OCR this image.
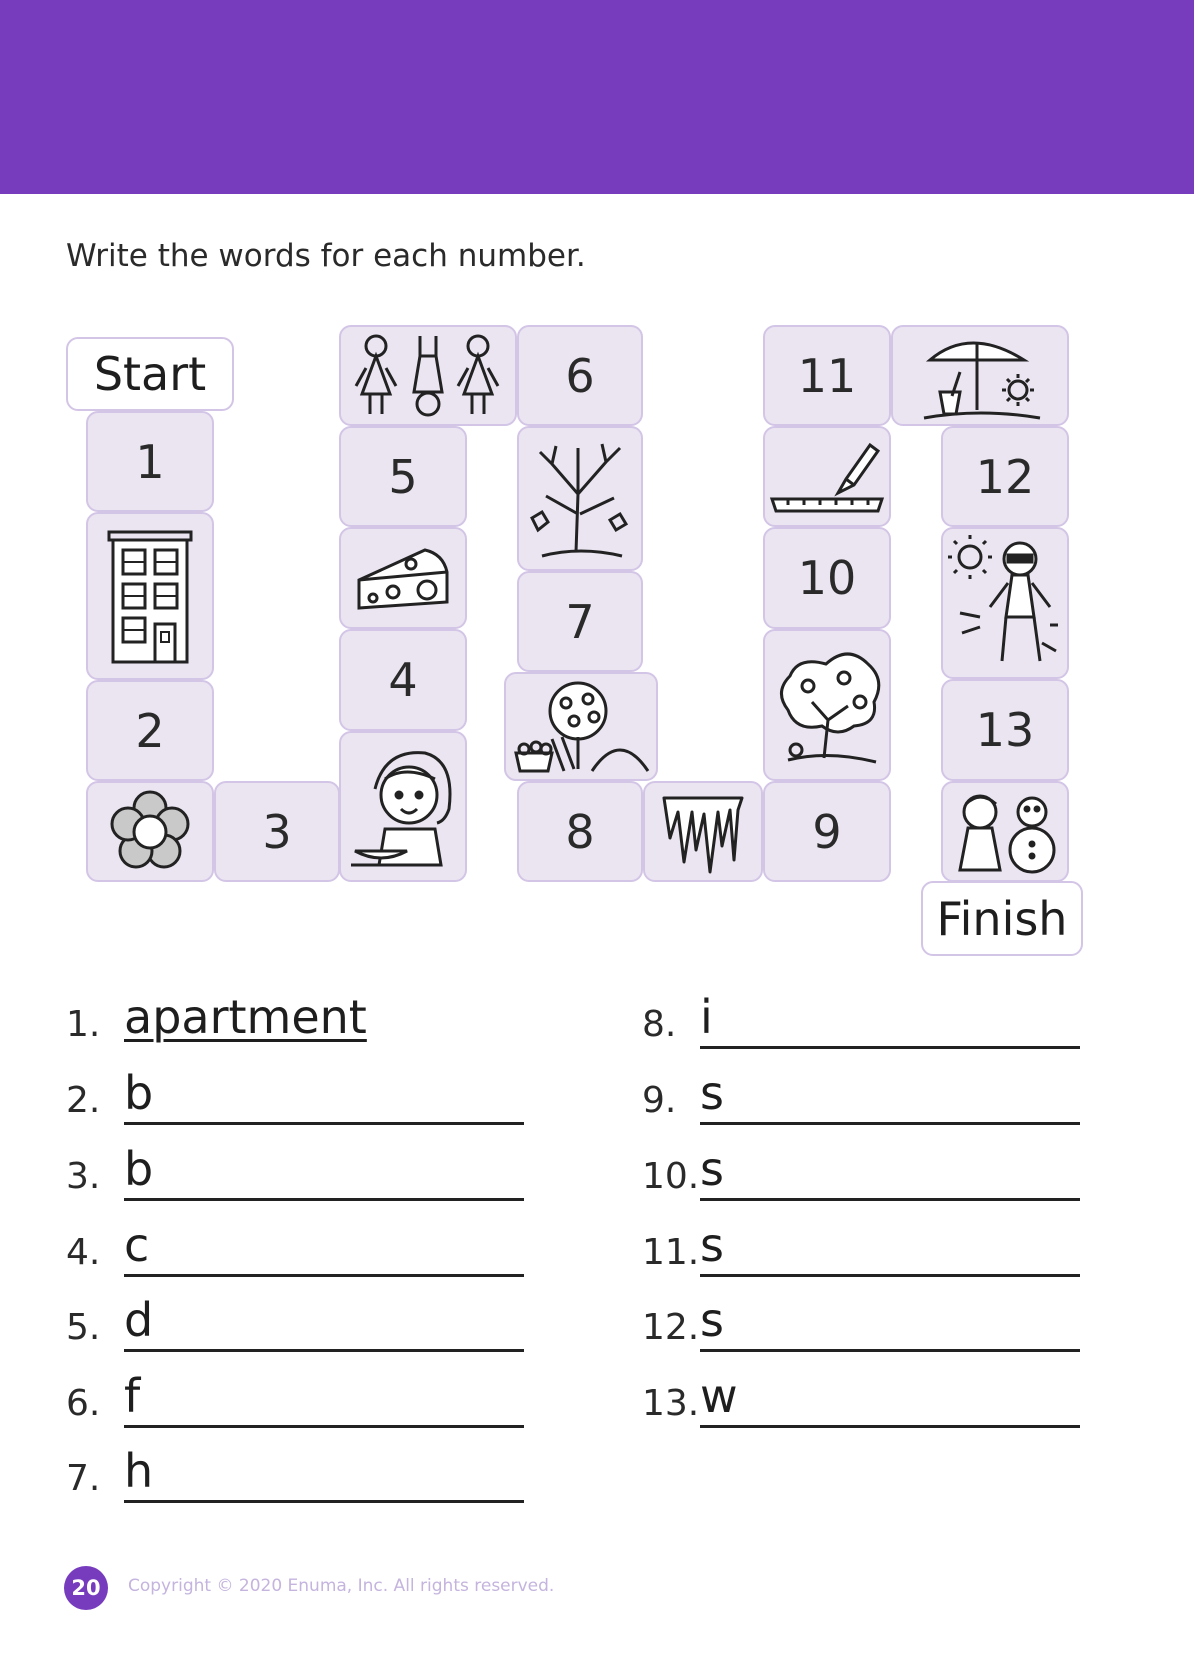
Write the words for each number.
Start
Finish
1
2
3
5
4
6
7
8
11
10
9
12
13
1. apartment
2. b
3. b
4. c
5. d
6. f
7. h
8. i
9. s
10. s
11. s
12. s
13. w
20	Copyright © 2020 Enuma, Inc. All rights reserved.
